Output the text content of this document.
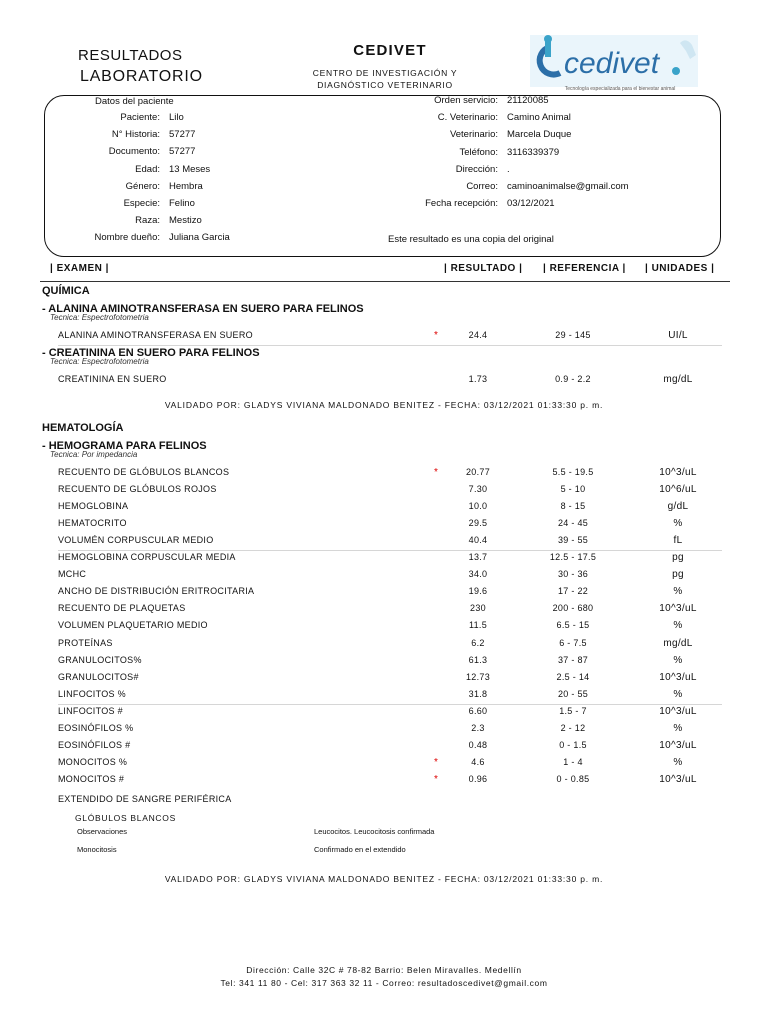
RESULTADOS
LABORATORIO
CEDIVET
CENTRO DE INVESTIGACIÓN Y
DIAGNÓSTICO VETERINARIO
cedivet
Tecnología especializada para el bienestar animal
Datos del paciente
Paciente: Lilo
N° Historia: 57277
Documento: 57277
Edad: 13 Meses
Género: Hembra
Especie: Felino
Raza: Mestizo
Nombre dueño: Juliana Garcia
Orden servicio: 21120085
C. Veterinario: Camino Animal
Veterinario: Marcela Duque
Teléfono: 3116339379
Dirección: .
Correo: caminoanimalse@gmail.com
Fecha recepción: 03/12/2021
Este resultado es una copia del original
| EXAMEN |	| RESULTADO | | REFERENCIA | | UNIDADES |
QUÍMICA
- ALANINA AMINOTRANSFERASA EN SUERO PARA FELINOS
Tecnica: Espectrofotometria
- CREATININA EN SUERO PARA FELINOS
Tecnica: Espectrofotometria
ALANINA AMINOTRANSFERASA EN SUERO	*	24.4	29 - 145	UI/L
CREATININA EN SUERO	1.73	0.9 - 2.2	mg/dL
VALIDADO POR: GLADYS VIVIANA MALDONADO BENITEZ - FECHA: 03/12/2021 01:33:30 p. m.
HEMATOLOGÍA
- HEMOGRAMA PARA FELINOS
Tecnica: Por impedancia
RECUENTO DE GLÓBULOS BLANCOS	*	20.77	5.5 - 19.5	10^3/uL
RECUENTO DE GLÓBULOS ROJOS	7.30	5 - 10	10^6/uL
HEMOGLOBINA	10.0	8 - 15	g/dL
HEMATOCRITO	29.5	24 - 45	%
VOLUMÉN CORPUSCULAR MEDIO	40.4	39 - 55	fL
HEMOGLOBINA CORPUSCULAR MEDIA	13.7	12.5 - 17.5	pg
MCHC	34.0	30 - 36	pg
ANCHO DE DISTRIBUCIÓN ERITROCITARIA	19.6	17 - 22	%
RECUENTO DE PLAQUETAS	230	200 - 680	10^3/uL
VOLUMEN PLAQUETARIO MEDIO	11.5	6.5 - 15	%
PROTEÍNAS	6.2	6 - 7.5	mg/dL
GRANULOCITOS%	61.3	37 - 87	%
GRANULOCITOS#	12.73	2.5 - 14	10^3/uL
LINFOCITOS %	31.8	20 - 55	%
LINFOCITOS #	6.60	1.5 - 7	10^3/uL
EOSINÓFILOS %	2.3	2 - 12	%
EOSINÓFILOS #	0.48	0 - 1.5	10^3/uL
MONOCITOS %	*	4.6	1 - 4	%
MONOCITOS #	*	0.96	0 - 0.85	10^3/uL
EXTENDIDO DE SANGRE PERIFÉRICA
GLÓBULOS BLANCOS
Observaciones	Leucocitos. Leucocitosis confirmada
Monocitosis	Confirmado en el extendido
VALIDADO POR: GLADYS VIVIANA MALDONADO BENITEZ - FECHA: 03/12/2021 01:33:30 p. m.
Dirección: Calle 32C # 78-82 Barrio: Belen Miravalles. Medellín
Tel: 341 11 80 - Cel: 317 363 32 11 - Correo: resultadoscedivet@gmail.com
